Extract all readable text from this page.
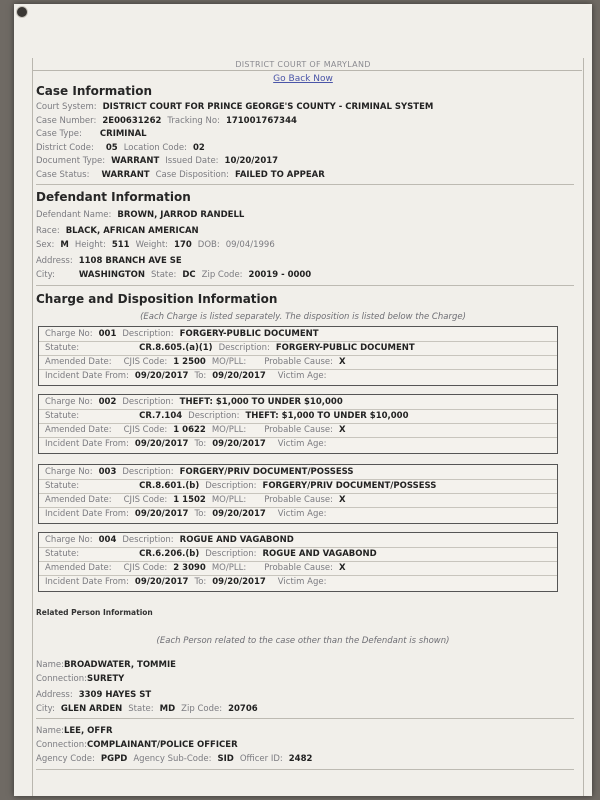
DISTRICT COURT OF MARYLAND
Go Back Now
Case Information
Court System: DISTRICT COURT FOR PRINCE GEORGE'S COUNTY - CRIMINAL SYSTEM
Case Number: 2E00631262 Tracking No: 171001767344
Case Type: CRIMINAL
District Code: 05 Location Code: 02
Document Type: WARRANT Issued Date: 10/20/2017
Case Status: WARRANT Case Disposition: FAILED TO APPEAR
Defendant Information
Defendant Name: BROWN, JARROD RANDELL
Race: BLACK, AFRICAN AMERICAN
Sex: M Height: 511 Weight: 170 DOB: 09/04/1996
Address: 1108 BRANCH AVE SE
City:	WASHINGTON State: DC Zip Code: 20019 - 0000
Charge and Disposition Information
(Each Charge is listed separately. The disposition is listed below the Charge)
Charge No: 001 Description: FORGERY-PUBLIC DOCUMENT
Statute:	CR.8.605.(a)(1) Description: FORGERY-PUBLIC DOCUMENT
Amended Date: CJIS Code: 1 2500 MO/PLL: Probable Cause: X
Incident Date From: 09/20/2017 To: 09/20/2017 Victim Age:
Charge No: 002 Description: THEFT: $1,000 TO UNDER $10,000
Statute:	CR.7.104 Description: THEFT: $1,000 TO UNDER $10,000
Amended Date: CJIS Code: 1 0622 MO/PLL: Probable Cause: X
Incident Date From: 09/20/2017 To: 09/20/2017 Victim Age:
Charge No: 003 Description: FORGERY/PRIV DOCUMENT/POSSESS
Statute:	CR.8.601.(b) Description: FORGERY/PRIV DOCUMENT/POSSESS
Amended Date: CJIS Code: 1 1502 MO/PLL: Probable Cause: X
Incident Date From: 09/20/2017 To: 09/20/2017 Victim Age:
Charge No: 004 Description: ROGUE AND VAGABOND
Statute:	CR.6.206.(b) Description: ROGUE AND VAGABOND
Amended Date: CJIS Code: 2 3090 MO/PLL: Probable Cause: X
Incident Date From: 09/20/2017 To: 09/20/2017 Victim Age:
Related Person Information
(Each Person related to the case other than the Defendant is shown)
Name:BROADWATER, TOMMIE
Connection:SURETY
Address: 3309 HAYES ST
City: GLEN ARDEN State: MD Zip Code: 20706
Name:LEE, OFFR
Connection:COMPLAINANT/POLICE OFFICER
Agency Code: PGPD Agency Sub-Code: SID Officer ID: 2482
